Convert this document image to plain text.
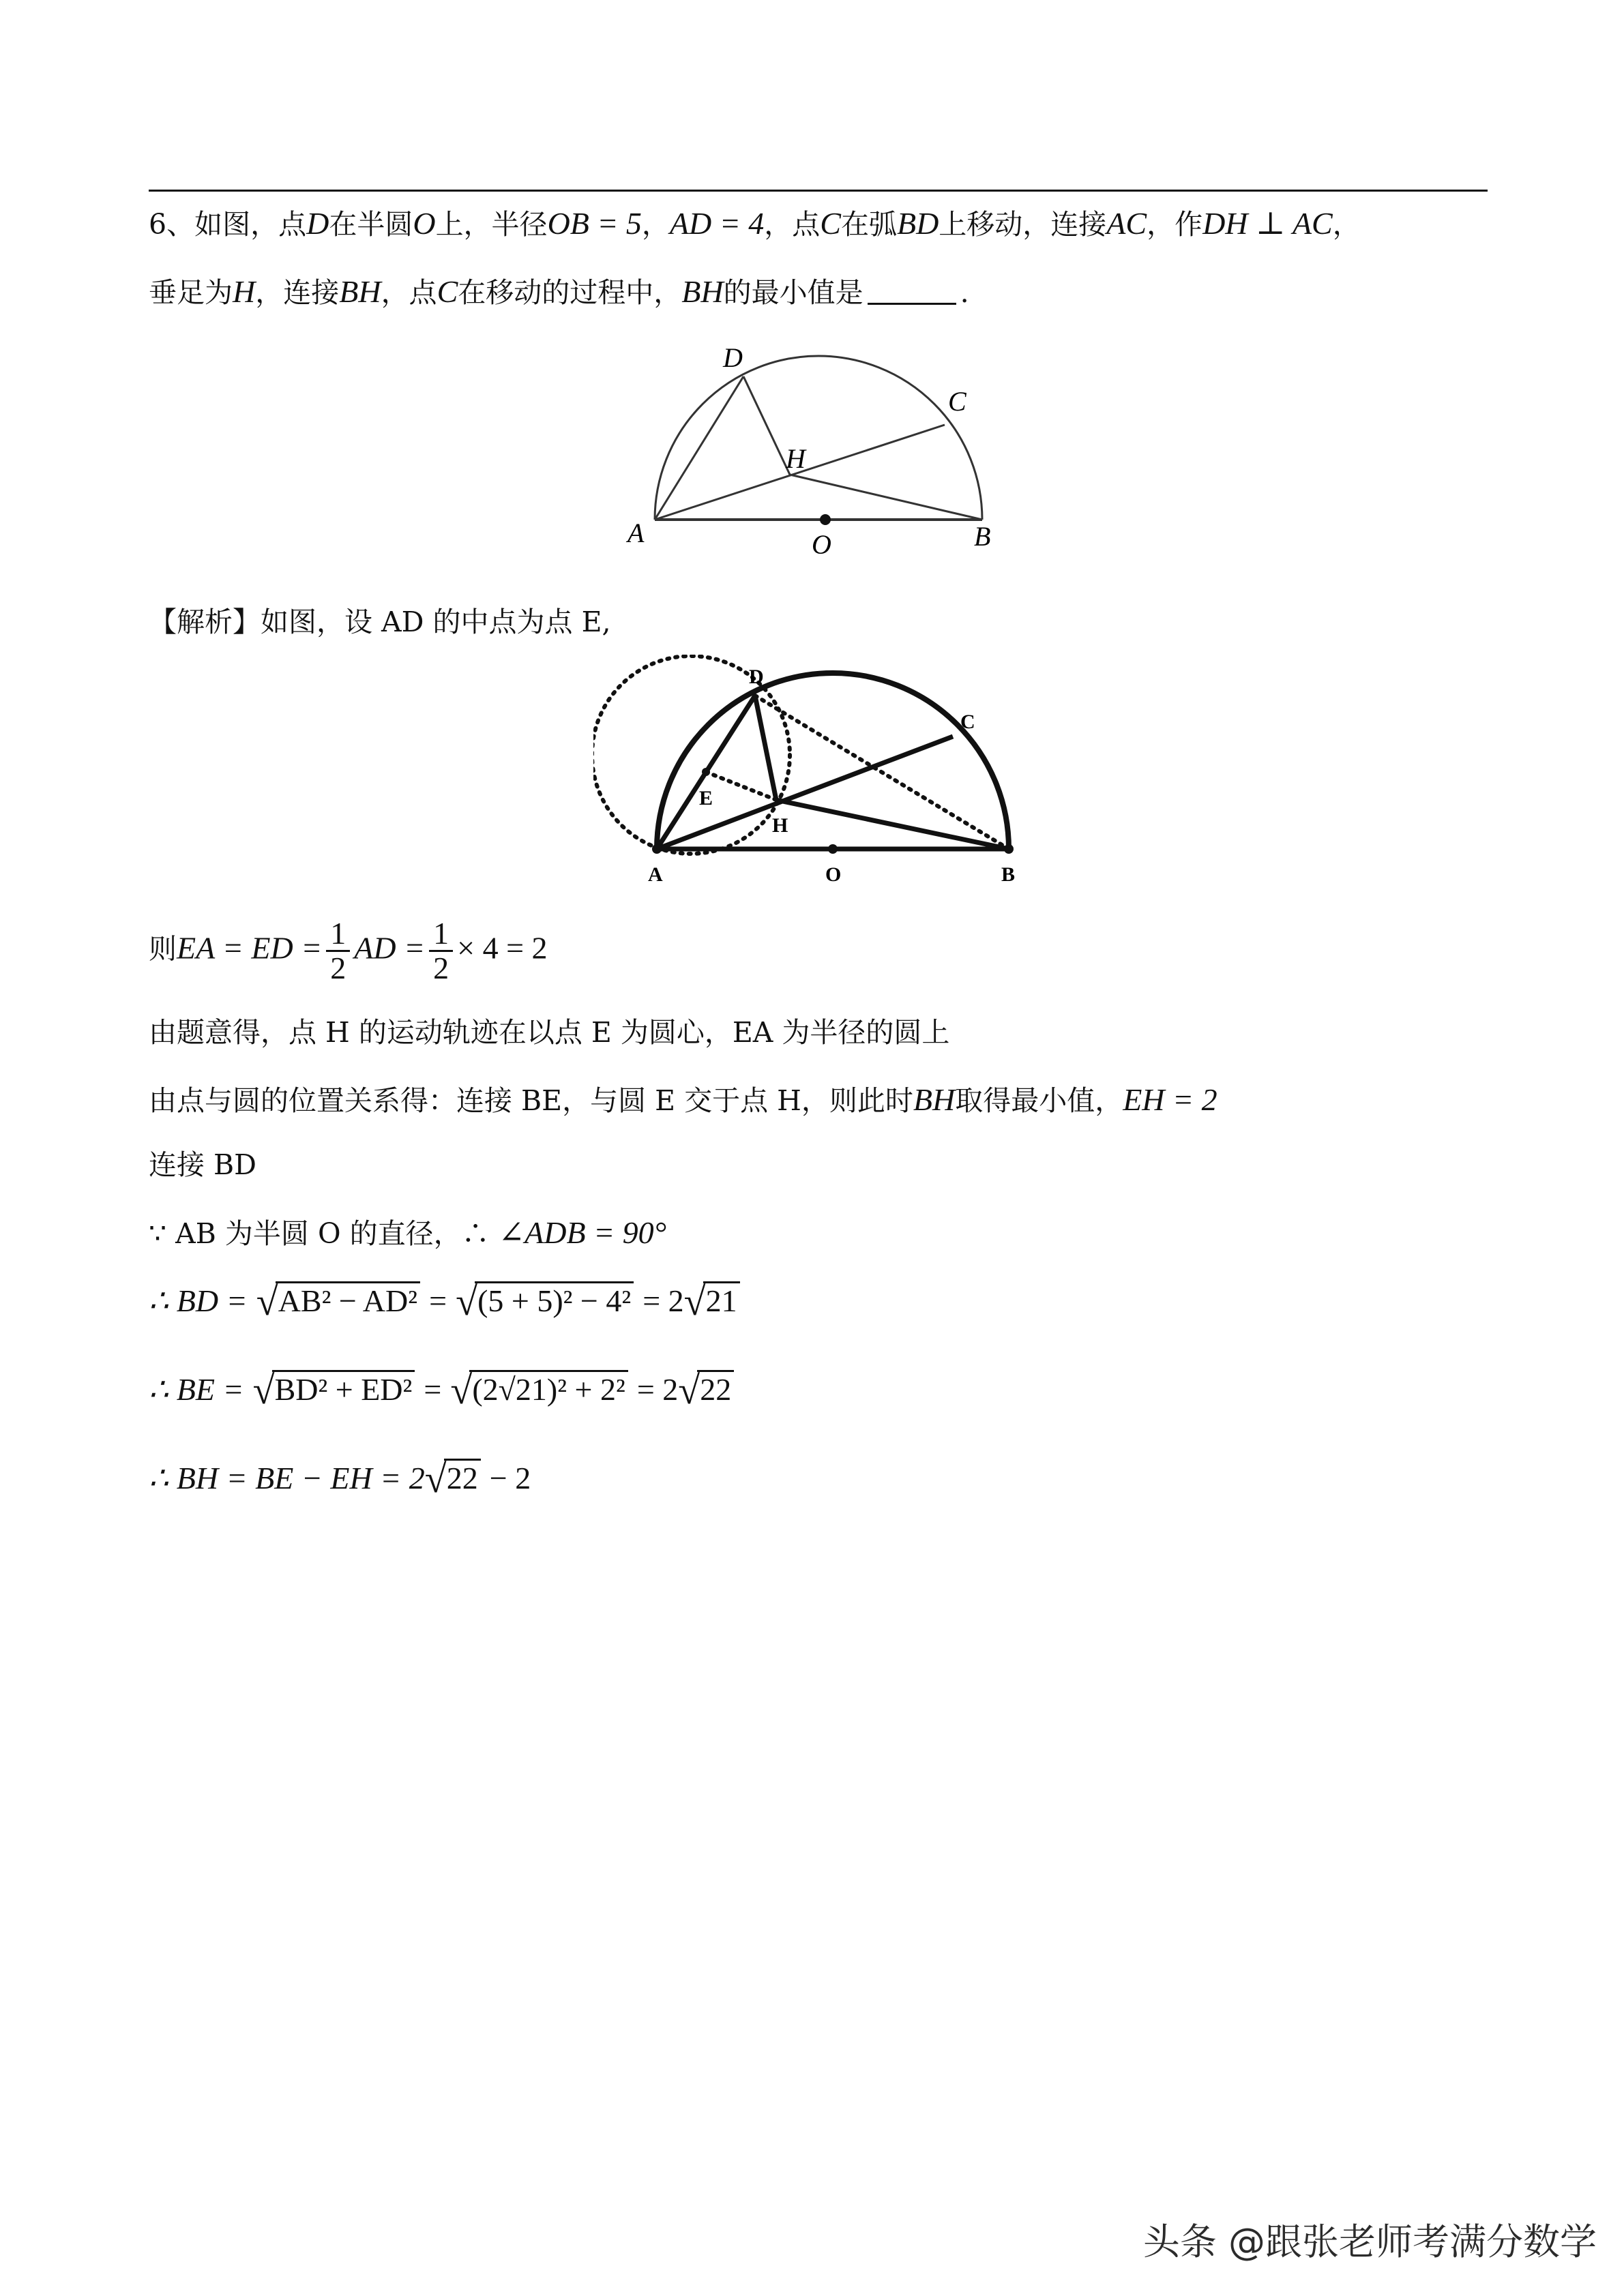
6、如图，点D在半圆O上，半径OB = 5，AD = 4，点C在弧BD上移动，连接AC，作DH ⊥ AC，
垂足为H，连接BH，点C在移动的过程中，BH的最小值是	.
D
C
H
A	O	B
【解析】如图，设 AD 的中点为点 E,
D
C
E
H
A	O	B
则EA = ED = $\frac{1}{2}$ AD = $\frac{1}{2} \times 4 = 2$
由题意得，点 H 的运动轨迹在以点 E 为圆心，EA 为半径的圆上
由点与圆的位置关系得：连接 BE，与圆 E 交于点 H，则此时BH取得最小值，EH = 2
连接 BD
∵ AB 为半圆 O 的直径，∴ ∠ADB = 90°
∴ BD = √ AB² − AD² = √ (5 + 5)² − 4² = 2 √ 21
∴ BE = √ BD² + ED² = √ (2√21)² + 2² = 2 √ 22
∴ BH = BE − EH = 2 √ 22 − 2
头条 @跟张老师考满分数学
